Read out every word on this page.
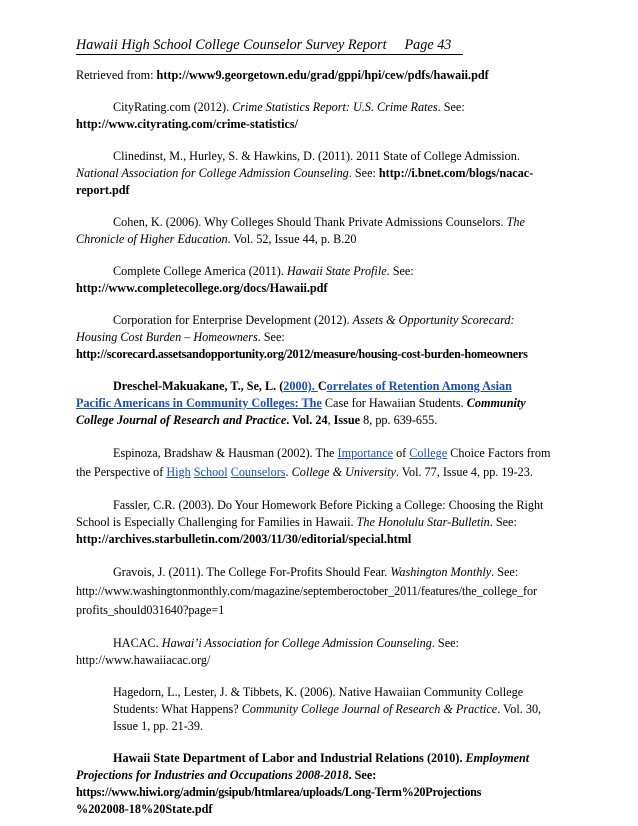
Hawaii High School College Counselor Survey Report Page 43

Retrieved from: http://www9.georgetown.edu/grad/gppi/hpi/cew/pdfs/hawaii.pdf

CityRating.com (2012). Crime Statistics Report: U.S. Crime Rates. See:
http://www.cityrating.com/crime-statistics/

Clinedinst, M., Hurley, S. & Hawkins, D. (2011). 2011 State of College Admission.
National Association for College Admission Counseling. See: http://i.bnet.com/blogs/nacac-
report.pdf

Cohen, K. (2006). Why Colleges Should Thank Private Admissions Counselors. The
Chronicle of Higher Education. Vol. 52, Issue 44, p. B.20

Complete College America (2011). Hawaii State Profile. See:
http://www.completecollege.org/docs/Hawaii.pdf

Corporation for Enterprise Development (2012). Assets & Opportunity Scorecard:
Housing Cost Burden – Homeowners. See:
http://scorecard.assetsandopportunity.org/2012/measure/housing-cost-burden-homeowners

Dreschel-Makuakane, T., Se, L. (2000). Correlates of Retention Among Asian
Pacific Americans in Community Colleges: The Case for Hawaiian Students. Community
College Journal of Research and Practice. Vol. 24, Issue 8, pp. 639-655.

Espinoza, Bradshaw & Hausman (2002). The Importance of College Choice Factors from
the Perspective of High School Counselors. College & University. Vol. 77, Issue 4, pp. 19-23.

Fassler, C.R. (2003). Do Your Homework Before Picking a College: Choosing the Right
School is Especially Challenging for Families in Hawaii. The Honolulu Star-Bulletin. See:
http://archives.starbulletin.com/2003/11/30/editorial/special.html

Gravois, J. (2011). The College For-Profits Should Fear. Washington Monthly. See:
http://www.washingtonmonthly.com/magazine/septemberoctober_2011/features/the_college_for
profits_should031640?page=1

HACAC. Hawai’i Association for College Admission Counseling. See:
http://www.hawaiiacac.org/

Hagedorn, L., Lester, J. & Tibbets, K. (2006). Native Hawaiian Community College
Students: What Happens? Community College Journal of Research & Practice. Vol. 30,
Issue 1, pp. 21-39.

Hawaii State Department of Labor and Industrial Relations (2010). Employment
Projections for Industries and Occupations 2008-2018. See:
https://www.hiwi.org/admin/gsipub/htmlarea/uploads/Long-Term%20Projections
%202008-18%20State.pdf
